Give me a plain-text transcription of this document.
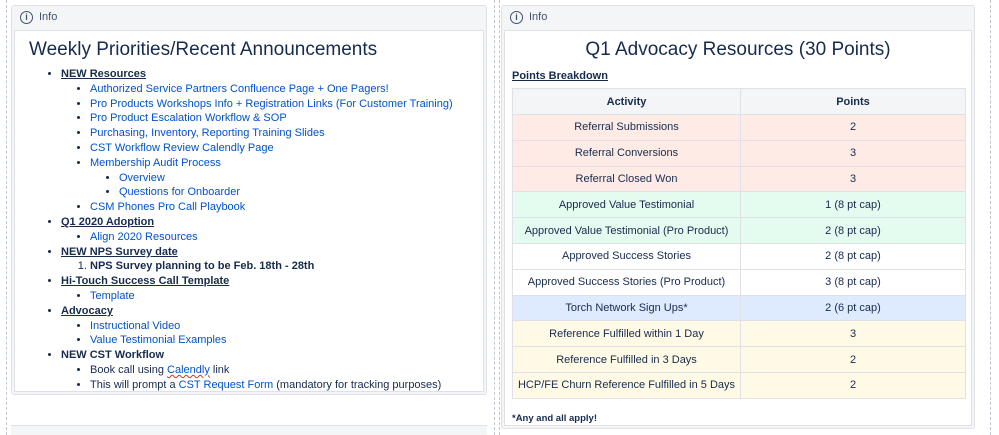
i	Info
Weekly Priorities/Recent Announcements
• NEW Resources
• Authorized Service Partners Confluence Page + One Pagers!
• Pro Products Workshops Info + Registration Links (For Customer Training)
• Pro Product Escalation Workflow & SOP
• Purchasing, Inventory, Reporting Training Slides
• CST Workflow Review Calendly Page
• Membership Audit Process
• Overview
• Questions for Onboarder
• CSM Phones Pro Call Playbook
• Q1 2020 Adoption
• Align 2020 Resources
• NEW NPS Survey date
1. NPS Survey planning to be Feb. 18th - 28th
• Hi-Touch Success Call Template
• Template
• Advocacy
• Instructional Video
• Value Testimonial Examples
• NEW CST Workflow
• Book call using Calendly link
• This will prompt a CST Request Form (mandatory for tracking purposes)
i	Info
Q1 Advocacy Resources (30 Points)
Points Breakdown
Activity	Points
Referral Submissions	2
Referral Conversions	3
Referral Closed Won	3
Approved Value Testimonial	1 (8 pt cap)
Approved Value Testimonial (Pro Product)	2 (8 pt cap)
Approved Success Stories	2 (8 pt cap)
Approved Success Stories (Pro Product)	3 (8 pt cap)
Torch Network Sign Ups*	2 (6 pt cap)
Reference Fulfilled within 1 Day	3
Reference Fulfilled in 3 Days	2
HCP/FE Churn Reference Fulfilled in 5 Days	2
*Any and all apply!
